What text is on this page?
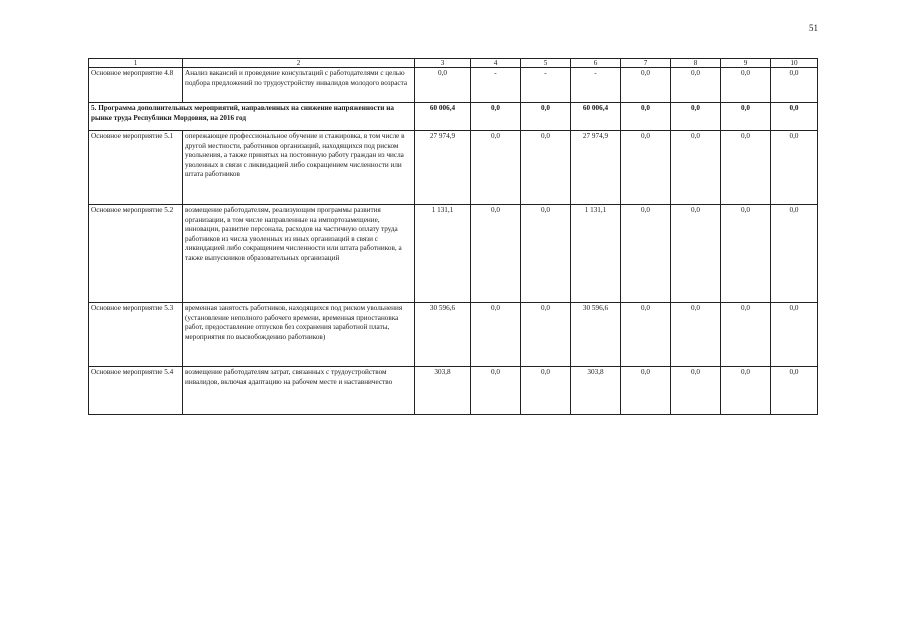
51
1	2	3	4	5	6	7	8	9	10
Основное мероприятие 4.8	Анализ вакансий и проведение консультаций с работодателями с целью подбора предложений по трудоустройству инвалидов молодого возраста	0,0	-	-	-	0,0	0,0	0,0	0,0
5. Программа дополнительных мероприятий, направленных на снижение напряженности на рынке труда Республики Мордовия, на 2016 год		60 006,4	0,0	0,0	60 006,4	0,0	0,0	0,0	0,0
Основное мероприятие 5.1	опережающее профессиональное обучение и стажировка, в том числе в другой местности, работников организаций, находящихся под риском увольнения, а также принятых на постоянную работу граждан из числа уволенных в связи с ликвидацией либо сокращением численности или штата работников	27 974,9	0,0	0,0	27 974,9	0,0	0,0	0,0	0,0
Основное мероприятие 5.2	возмещение работодателям, реализующим программы развития организации, в том числе направленные на импортозамещение, инновации, развитие персонала, расходов на частичную оплату труда работников из числа уволенных из иных организаций в связи с ликвидацией либо сокращением численности или штата работников, а также выпускников образовательных организаций	1 131,1	0,0	0,0	1 131,1	0,0	0,0	0,0	0,0
Основное мероприятие 5.3	временная занятость работников, находящихся под риском увольнения (установление неполного рабочего времени, временная приостановка работ, предоставление отпусков без сохранения заработной платы, мероприятия по высвобождению работников)	30 596,6	0,0	0,0	30 596,6	0,0	0,0	0,0	0,0
Основное мероприятие 5.4	возмещение работодателям затрат, связанных с трудоустройством инвалидов, включая адаптацию на рабочем месте и наставничество	303,8	0,0	0,0	303,8	0,0	0,0	0,0	0,0
